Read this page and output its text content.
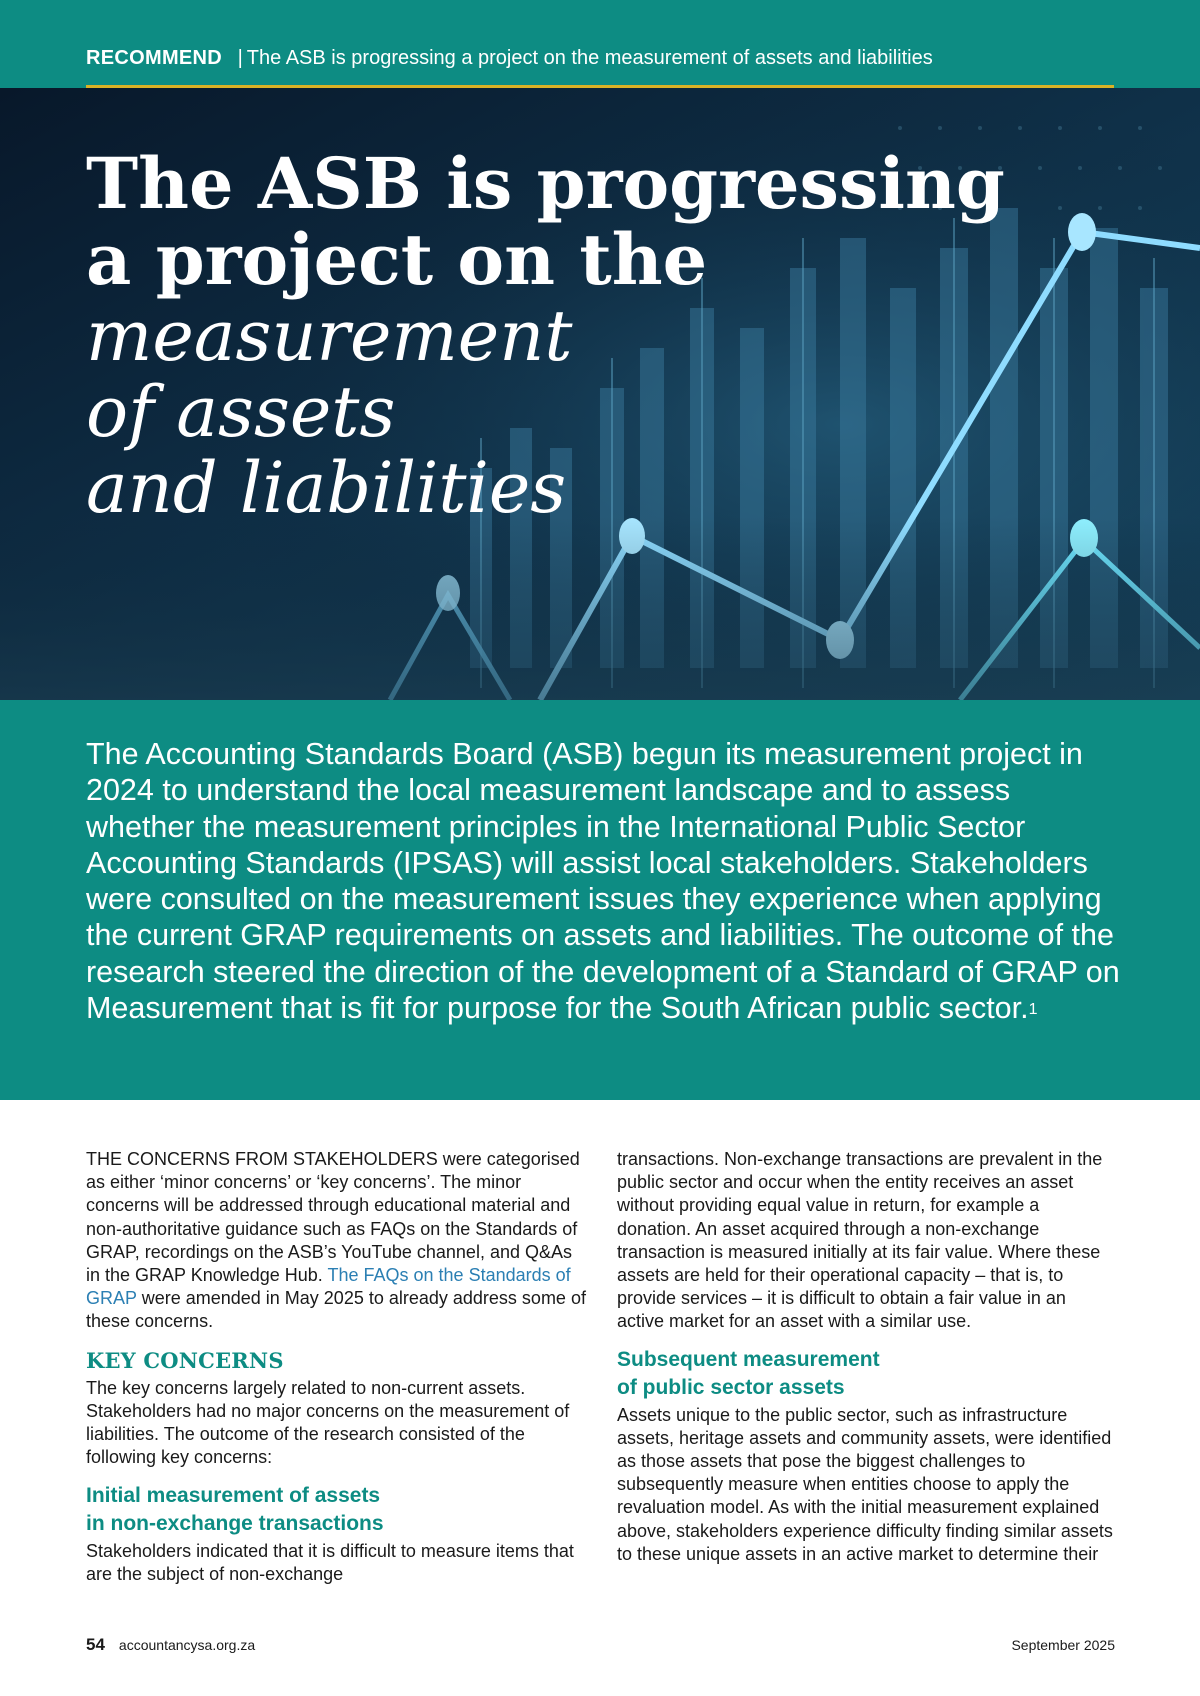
RECOMMEND | The ASB is progressing a project on the measurement of assets and liabilities
The ASB is progressing
a project on the
measurement
of assets
and liabilities

The Accounting Standards Board (ASB) begun its measurement project in 2024 to understand the local measurement landscape and to assess whether the measurement principles in the International Public Sector Accounting Standards (IPSAS) will assist local stakeholders. Stakeholders were consulted on the measurement issues they experience when applying the current GRAP requirements on assets and liabilities. The outcome of the research steered the direction of the development of a Standard of GRAP on Measurement that is fit for purpose for the South African public sector.$^1$

THE CONCERNS FROM STAKEHOLDERS were categorised as either ‘minor concerns’ or ‘key concerns’. The minor concerns will be addressed through educational material and non-authoritative guidance such as FAQs on the Standards of GRAP, recordings on the ASB’s YouTube channel, and Q&As in the GRAP Knowledge Hub. The FAQs on the Standards of GRAP were amended in May 2025 to already address some of these concerns.

KEY CONCERNS

The key concerns largely related to non-current assets. Stakeholders had no major concerns on the measurement of liabilities. The outcome of the research consisted of the following key concerns:

Initial measurement of assets
in non-exchange transactions

Stakeholders indicated that it is difficult to measure items that are the subject of non-exchange

transactions. Non-exchange transactions are prevalent in the public sector and occur when the entity receives an asset without providing equal value in return, for example a donation. An asset acquired through a non-exchange transaction is measured initially at its fair value. Where these assets are held for their operational capacity – that is, to provide services – it is difficult to obtain a fair value in an active market for an asset with a similar use.

Subsequent measurement
of public sector assets

Assets unique to the public sector, such as infrastructure assets, heritage assets and community assets, were identified as those assets that pose the biggest challenges to subsequently measure when entities choose to apply the revaluation model. As with the initial measurement explained above, stakeholders experience difficulty finding similar assets to these unique assets in an active market to determine their

54 accountancysa.org.za	September 2025
